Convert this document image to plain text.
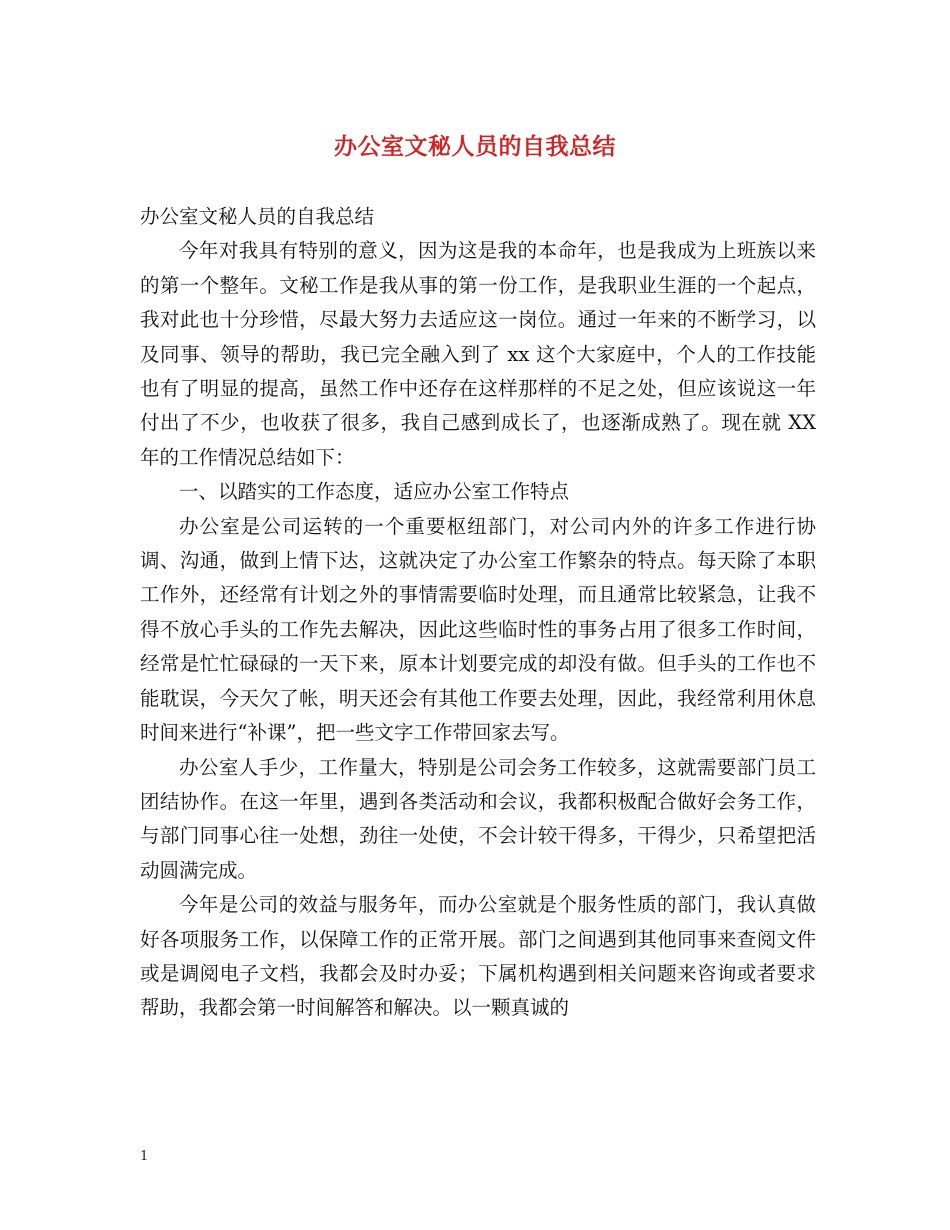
办公室文秘人员的自我总结

办公室文秘人员的自我总结

今年对我具有特别的意义，因为这是我的本命年，也是我成为上班族以来的第一个整年。文秘工作是我从事的第一份工作，是我职业生涯的一个起点，我对此也十分珍惜，尽最大努力去适应这一岗位。通过一年来的不断学习，以及同事、领导的帮助，我已完全融入到了 xx 这个大家庭中，个人的工作技能也有了明显的提高，虽然工作中还存在这样那样的不足之处，但应该说这一年付出了不少，也收获了很多，我自己感到成长了，也逐渐成熟了。现在就 XX 年的工作情况总结如下：

一、以踏实的工作态度，适应办公室工作特点

办公室是公司运转的一个重要枢纽部门，对公司内外的许多工作进行协调、沟通，做到上情下达，这就决定了办公室工作繁杂的特点。每天除了本职工作外，还经常有计划之外的事情需要临时处理，而且通常比较紧急，让我不得不放心手头的工作先去解决，因此这些临时性的事务占用了很多工作时间，经常是忙忙碌碌的一天下来，原本计划要完成的却没有做。但手头的工作也不能耽误，今天欠了帐，明天还会有其他工作要去处理，因此，我经常利用休息时间来进行“补课”，把一些文字工作带回家去写。

办公室人手少，工作量大，特别是公司会务工作较多，这就需要部门员工团结协作。在这一年里，遇到各类活动和会议，我都积极配合做好会务工作，与部门同事心往一处想，劲往一处使，不会计较干得多，干得少，只希望把活动圆满完成。

今年是公司的效益与服务年，而办公室就是个服务性质的部门，我认真做好各项服务工作，以保障工作的正常开展。部门之间遇到其他同事来查阅文件或是调阅电子文档，我都会及时办妥；下属机构遇到相关问题来咨询或者要求帮助，我都会第一时间解答和解决。以一颗真诚的

1
